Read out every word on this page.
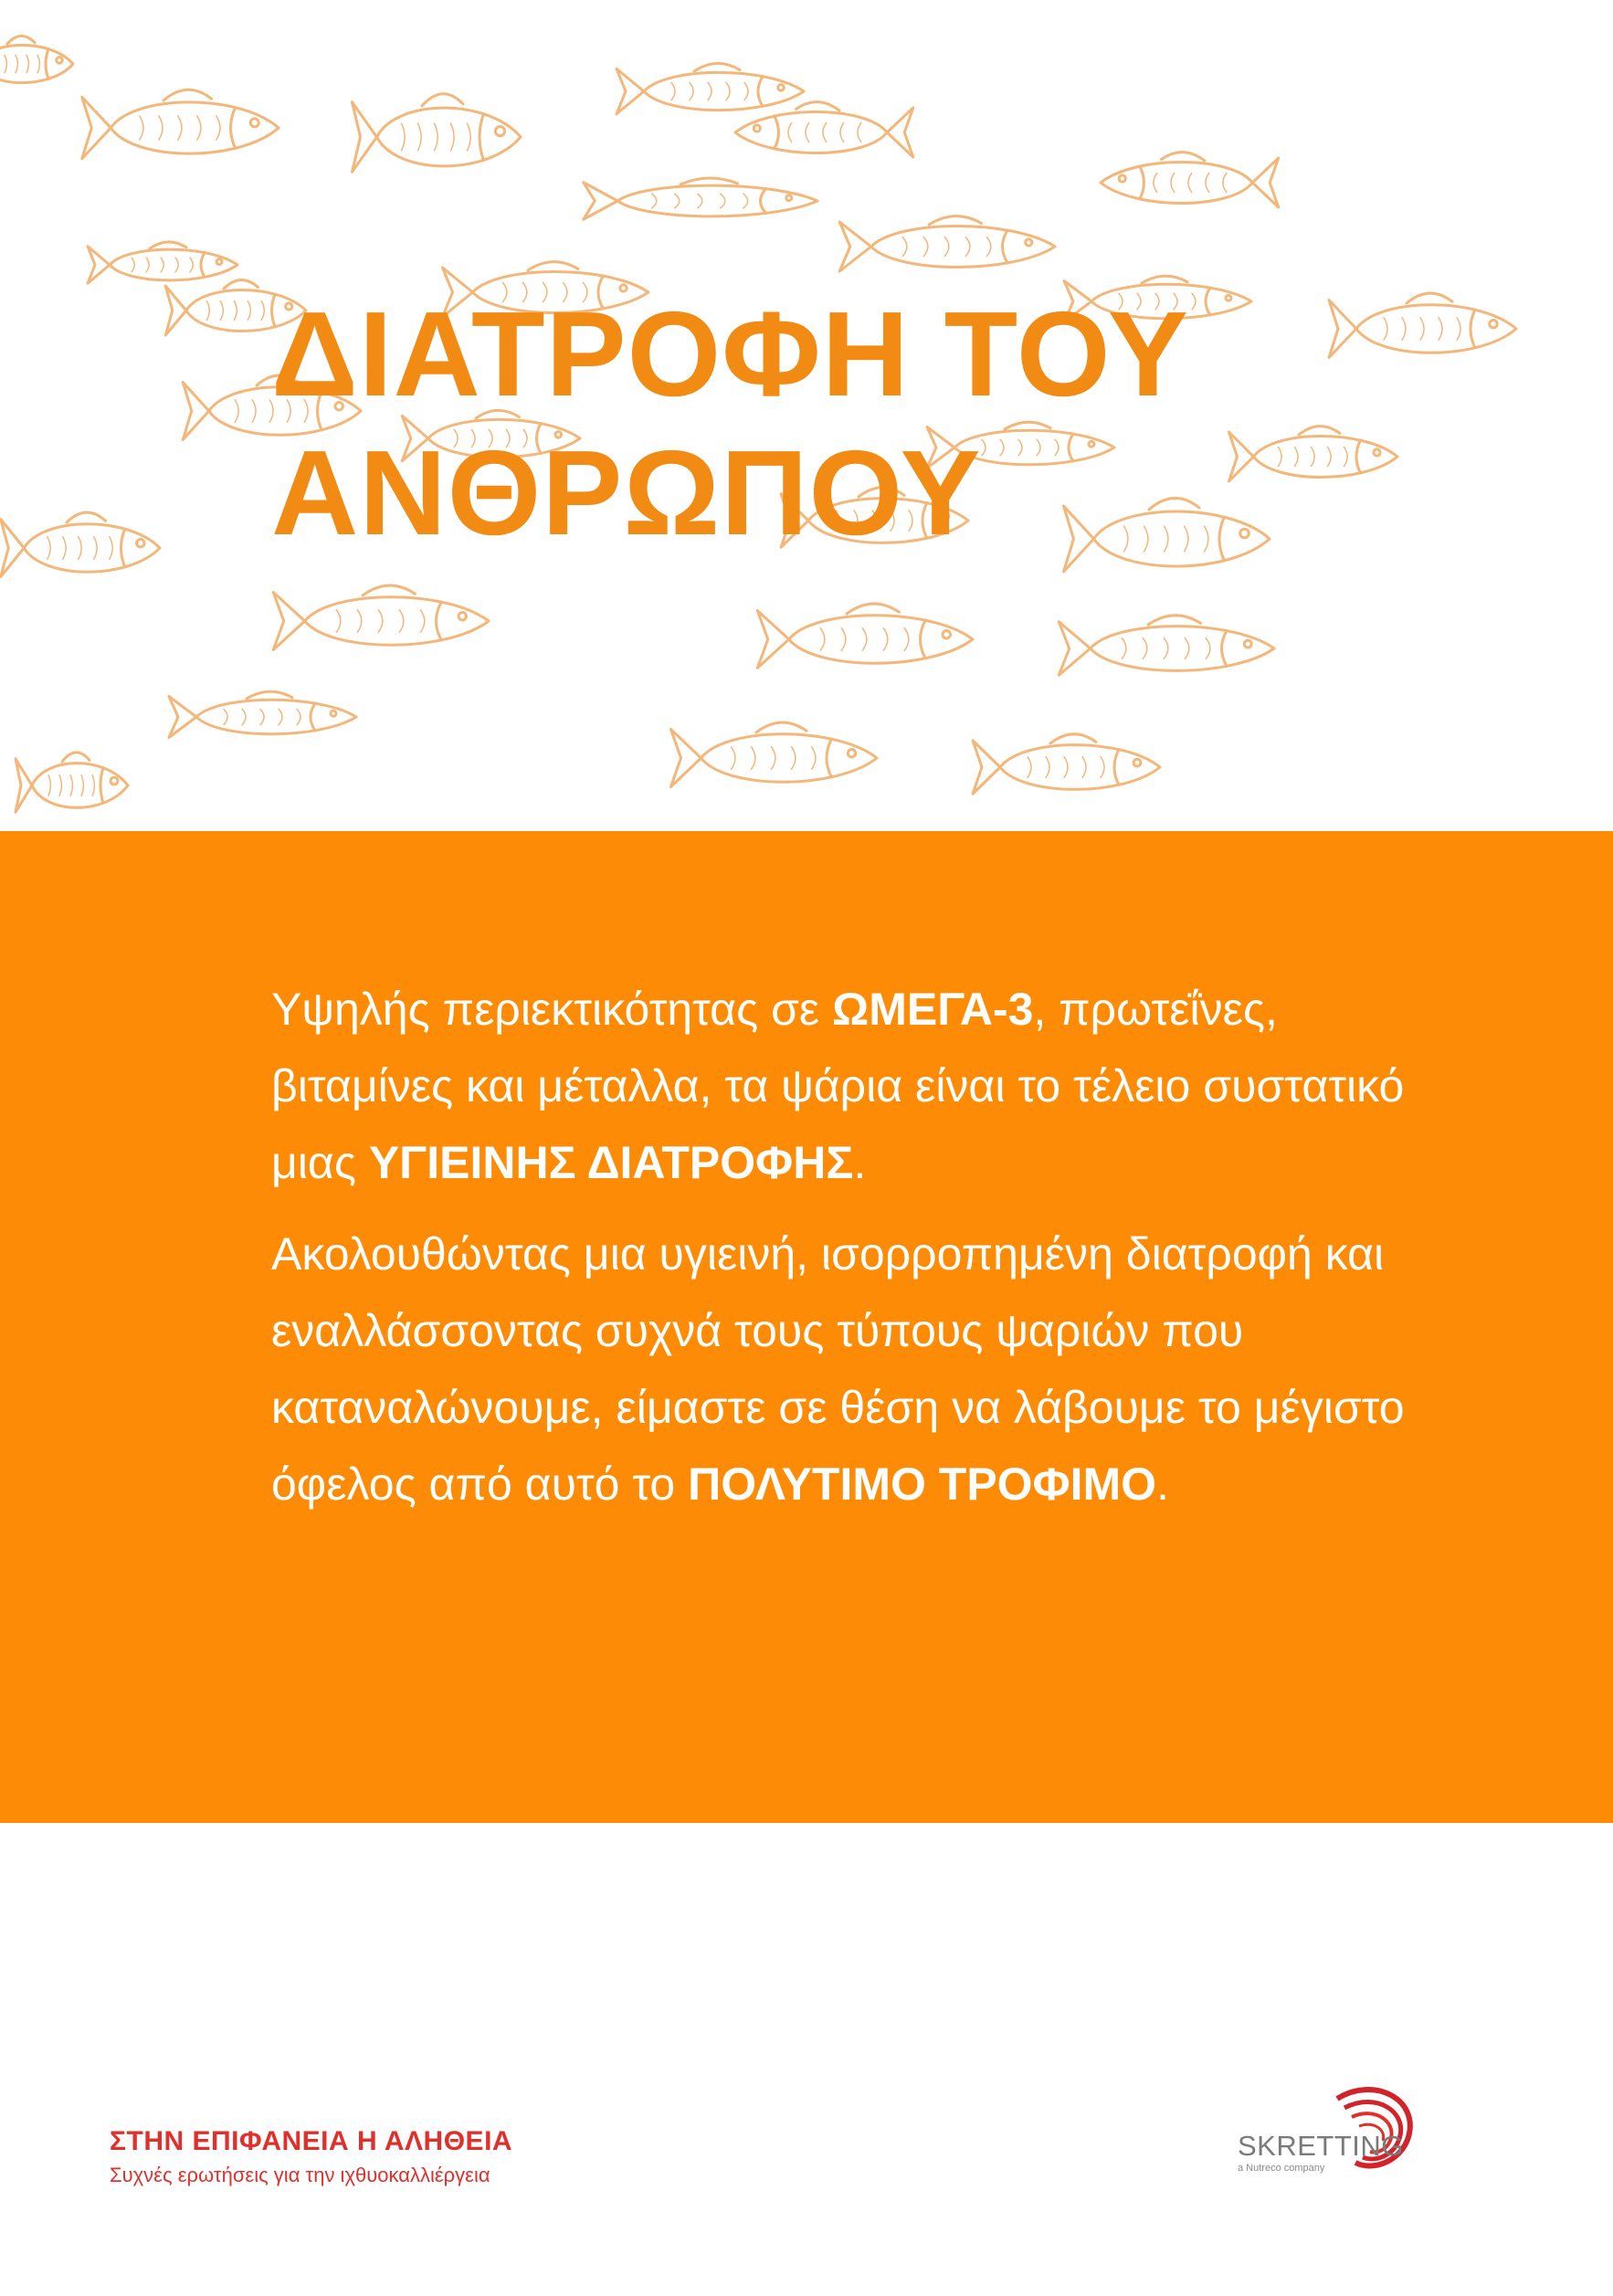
ΔΙΑΤΡΟΦΗ ΤΟΥ
ΑΝΘΡΩΠΟΥ

Υψηλής περιεκτικότητας σε ΩΜΕΓΑ-3, πρωτεΐνες, βιταμίνες και μέταλλα, τα ψάρια είναι το τέλειο συστατικό μιας ΥΓΙΕΙΝΗΣ ΔΙΑΤΡΟΦΗΣ.

Ακολουθώντας μια υγιεινή, ισορροπημένη διατροφή και εναλλάσσοντας συχνά τους τύπους ψαριών που καταναλώνουμε, είμαστε σε θέση να λάβουμε το μέγιστο όφελος από αυτό το ΠΟΛΥΤΙΜΟ ΤΡΟΦΙΜΟ.

ΣΤΗΝ ΕΠΙΦΑΝΕΙΑ Η ΑΛΗΘΕΙΑ
Συχνές ερωτήσεις για την ιχθυοκαλλιέργεια
SKRETTING
a Nutreco company
